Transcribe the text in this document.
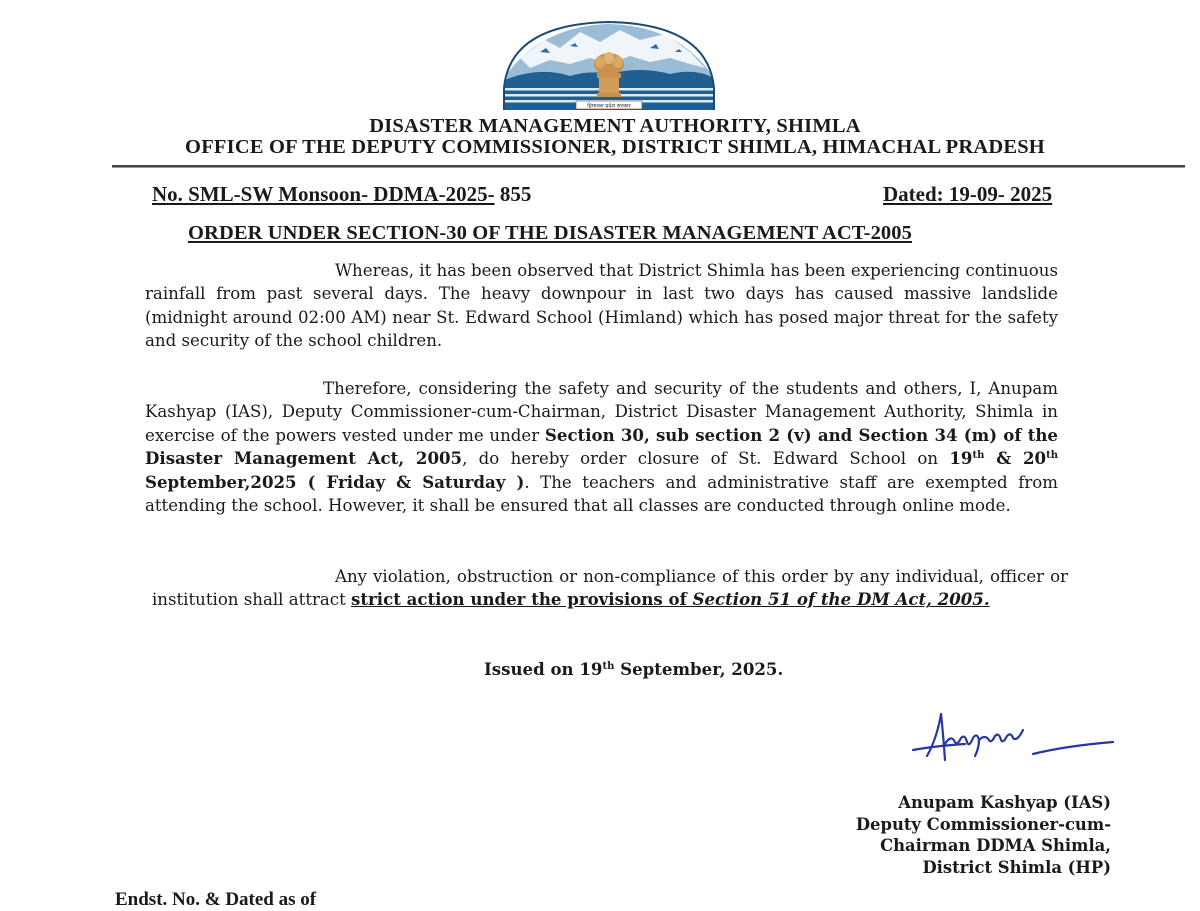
हिमाचल प्रदेश सरकार
DISASTER MANAGEMENT AUTHORITY, SHIMLA
OFFICE OF THE DEPUTY COMMISSIONER, DISTRICT SHIMLA, HIMACHAL PRADESH
No. SML-SW Monsoon- DDMA-2025- 855	Dated: 19-09- 2025
ORDER UNDER SECTION-30 OF THE DISASTER MANAGEMENT ACT-2005
Whereas, it has been observed that District Shimla has been experiencing continuous rainfall from past several days. The heavy downpour in last two days has caused massive landslide (midnight around 02:00 AM) near St. Edward School (Himland) which has posed major threat for the safety and security of the school children.
Therefore, considering the safety and security of the students and others, I, Anupam Kashyap (IAS), Deputy Commissioner-cum-Chairman, District Disaster Management Authority, Shimla in exercise of the powers vested under me under Section 30, sub section 2 (v) and Section 34 (m) of the Disaster Management Act, 2005, do hereby order closure of St. Edward School on 19th & 20th September,2025 ( Friday & Saturday ). The teachers and administrative staff are exempted from attending the school. However, it shall be ensured that all classes are conducted through online mode.
Any violation, obstruction or non-compliance of this order by any individual, officer or institution shall attract strict action under the provisions of Section 51 of the DM Act, 2005.
Issued on 19th September, 2025.
Anupam Kashyap (IAS)
Deputy Commissioner-cum-
Chairman DDMA Shimla,
District Shimla (HP)
Endst. No. & Dated as of
